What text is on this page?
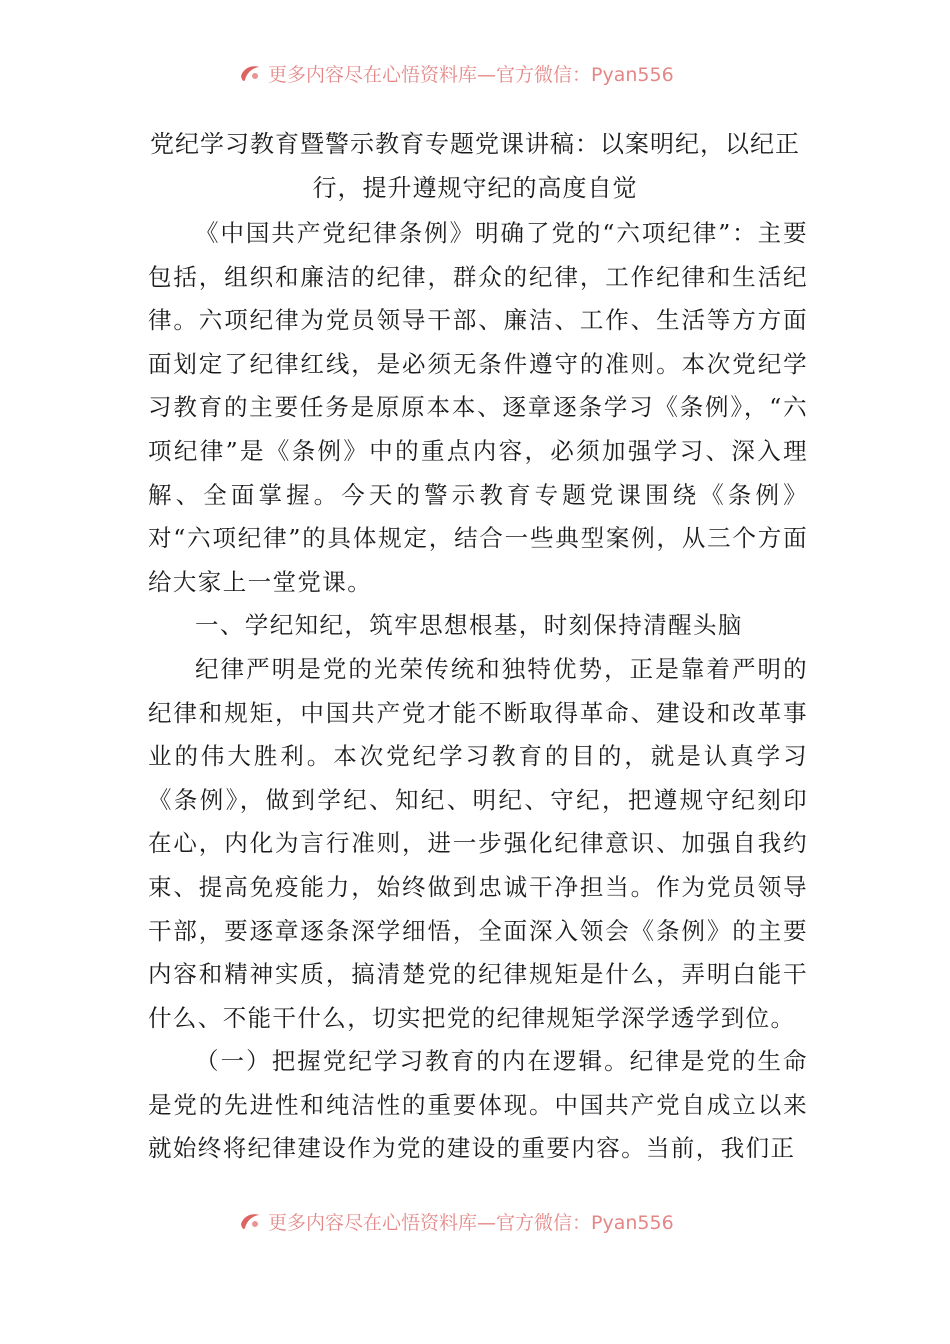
更多内容尽在心悟资料库—官方微信：Pyan556
党纪学习教育暨警示教育专题党课讲稿：以案明纪，以纪正行，提升遵规守纪的高度自觉

《中国共产党纪律条例》明确了党的“六项纪律”：主要包括，组织和廉洁的纪律，群众的纪律，工作纪律和生活纪律。六项纪律为党员领导干部、廉洁、工作、生活等方方面面划定了纪律红线，是必须无条件遵守的准则。本次党纪学习教育的主要任务是原原本本、逐章逐条学习《条例》，“六项纪律”是《条例》中的重点内容，必须加强学习、深入理解、全面掌握。今天的警示教育专题党课围绕《条例》对“六项纪律”的具体规定，结合一些典型案例，从三个方面给大家上一堂党课。

一、学纪知纪，筑牢思想根基，时刻保持清醒头脑

纪律严明是党的光荣传统和独特优势，正是靠着严明的纪律和规矩，中国共产党才能不断取得革命、建设和改革事业的伟大胜利。本次党纪学习教育的目的，就是认真学习《条例》，做到学纪、知纪、明纪、守纪，把遵规守纪刻印在心，内化为言行准则，进一步强化纪律意识、加强自我约束、提高免疫能力，始终做到忠诚干净担当。作为党员领导干部，要逐章逐条深学细悟，全面深入领会《条例》的主要内容和精神实质，搞清楚党的纪律规矩是什么，弄明白能干什么、不能干什么，切实把党的纪律规矩学深学透学到位。

（一）把握党纪学习教育的内在逻辑。纪律是党的生命是党的先进性和纯洁性的重要体现。中国共产党自成立以来就始终将纪律建设作为党的建设的重要内容。当前，我们正

更多内容尽在心悟资料库—官方微信：Pyan556
